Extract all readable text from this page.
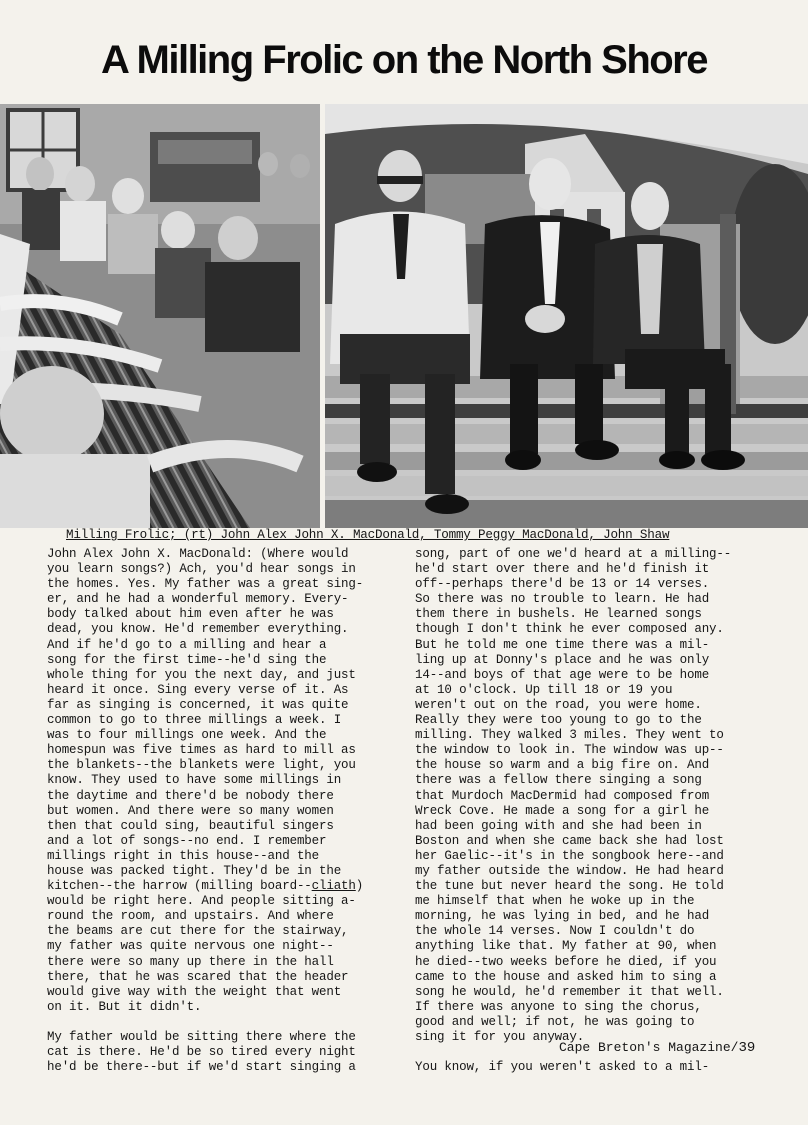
A Milling Frolic on the North Shore
Milling Frolic; (rt) John Alex John X. MacDonald, Tommy Peggy MacDonald, John Shaw

John Alex John X. MacDonald: (Where would
you learn songs?) Ach, you'd hear songs in
the homes. Yes. My father was a great sing-
er, and he had a wonderful memory. Every-
body talked about him even after he was
dead, you know. He'd remember everything.
And if he'd go to a milling and hear a
song for the first time--he'd sing the
whole thing for you the next day, and just
heard it once. Sing every verse of it. As
far as singing is concerned, it was quite
common to go to three millings a week. I
was to four millings one week. And the
homespun was five times as hard to mill as
the blankets--the blankets were light, you
know. They used to have some millings in
the daytime and there'd be nobody there
but women. And there were so many women
then that could sing, beautiful singers
and a lot of songs--no end. I remember
millings right in this house--and the
house was packed tight. They'd be in the
kitchen--the harrow (milling board--cliath)
would be right here. And people sitting a-
round the room, and upstairs. And where
the beams are cut there for the stairway,
my father was quite nervous one night--
there were so many up there in the hall
there, that he was scared that the header
would give way with the weight that went
on it. But it didn't.

My father would be sitting there where the
cat is there. He'd be so tired every night
he'd be there--but if we'd start singing a

song, part of one we'd heard at a milling--
he'd start over there and he'd finish it
off--perhaps there'd be 13 or 14 verses.
So there was no trouble to learn. He had
them there in bushels. He learned songs
though I don't think he ever composed any.
But he told me one time there was a mil-
ling up at Donny's place and he was only
14--and boys of that age were to be home
at 10 o'clock. Up till 18 or 19 you
weren't out on the road, you were home.
Really they were too young to go to the
milling. They walked 3 miles. They went to
the window to look in. The window was up--
the house so warm and a big fire on. And
there was a fellow there singing a song
that Murdoch MacDermid had composed from
Wreck Cove. He made a song for a girl he
had been going with and she had been in
Boston and when she came back she had lost
her Gaelic--it's in the songbook here--and
my father outside the window. He had heard
the tune but never heard the song. He told
me himself that when he woke up in the
morning, he was lying in bed, and he had
the whole 14 verses. Now I couldn't do
anything like that. My father at 90, when
he died--two weeks before he died, if you
came to the house and asked him to sing a
song he would, he'd remember it that well.
If there was anyone to sing the chorus,
good and well; if not, he was going to
sing it for you anyway.

You know, if you weren't asked to a mil-

Cape Breton's Magazine/39
